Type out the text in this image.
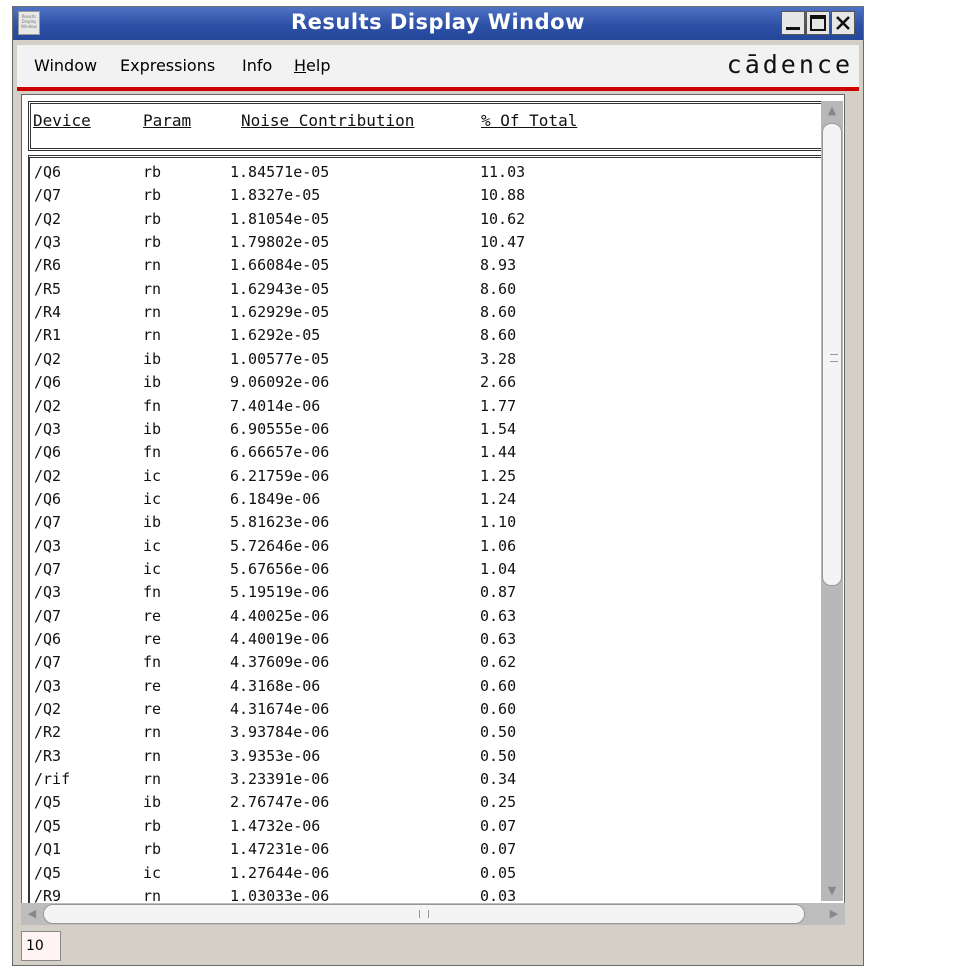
Results Display Window	Results Display Window
Window Expressions Info Help	cādence
Device	Param	Noise Contribution	% Of Total
/Q6	rb	1.84571e-05	11.03
/Q7	rb	1.8327e-05	10.88
/Q2	rb	1.81054e-05	10.62
/Q3	rb	1.79802e-05	10.47
/R6	rn	1.66084e-05	8.93
/R5	rn	1.62943e-05	8.60
/R4	rn	1.62929e-05	8.60
/R1	rn	1.6292e-05	8.60
/Q2	ib	1.00577e-05	3.28
/Q6	ib	9.06092e-06	2.66
/Q2	fn	7.4014e-06	1.77
/Q3	ib	6.90555e-06	1.54
/Q6	fn	6.66657e-06	1.44
/Q2	ic	6.21759e-06	1.25
/Q6	ic	6.1849e-06	1.24
/Q7	ib	5.81623e-06	1.10
/Q3	ic	5.72646e-06	1.06
/Q7	ic	5.67656e-06	1.04
/Q3	fn	5.19519e-06	0.87
/Q7	re	4.40025e-06	0.63
/Q6	re	4.40019e-06	0.63
/Q7	fn	4.37609e-06	0.62
/Q3	re	4.3168e-06	0.60
/Q2	re	4.31674e-06	0.60
/R2	rn	3.93784e-06	0.50
/R3	rn	3.9353e-06	0.50
/rif	rn	3.23391e-06	0.34
/Q5	ib	2.76747e-06	0.25
/Q5	rb	1.4732e-06	0.07
/Q1	rb	1.47231e-06	0.07
/Q5	ic	1.27644e-06	0.05
/R9	rn	1.03033e-06	0.03
▲
▼
◀	▶
10
